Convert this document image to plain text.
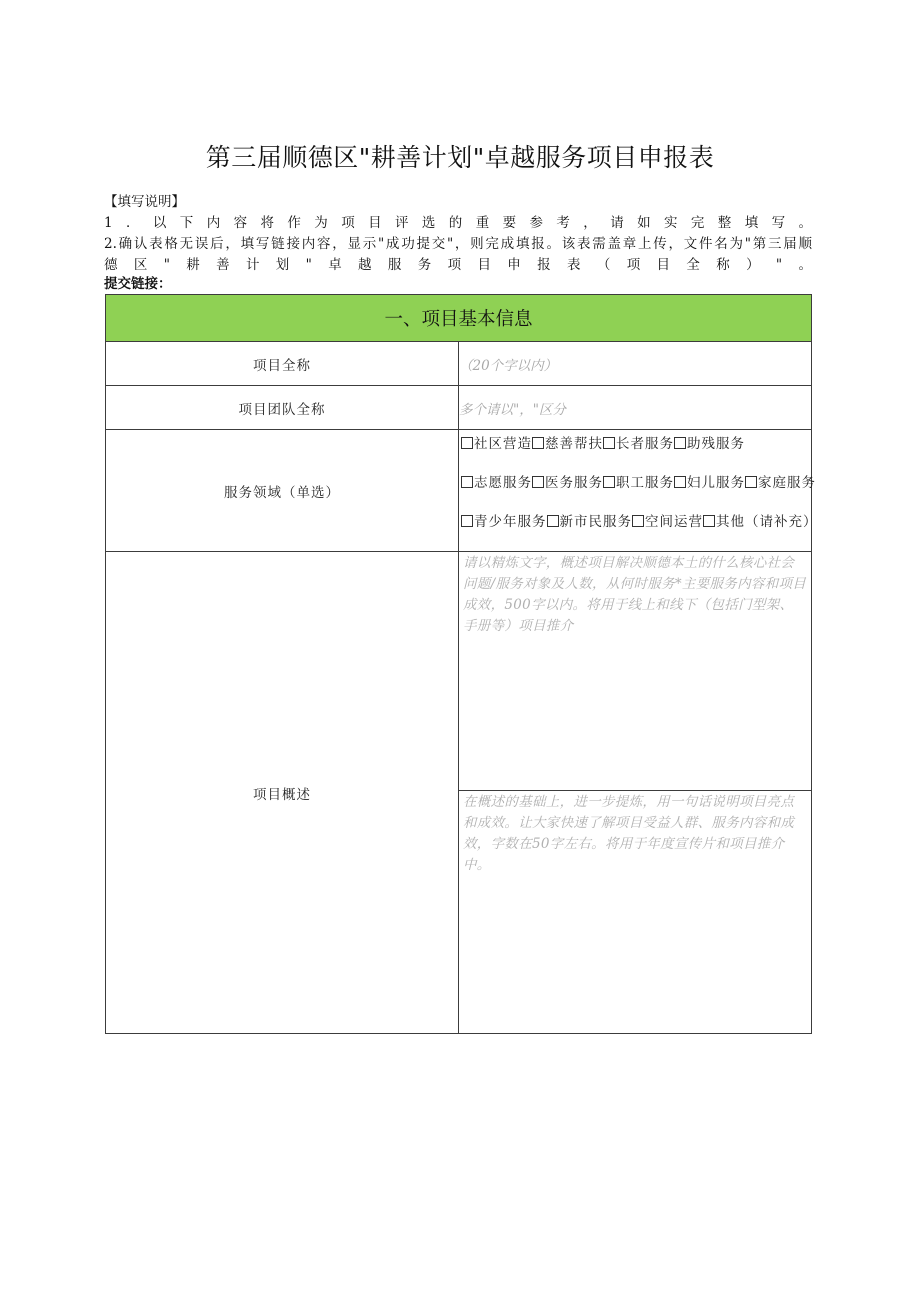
第三届顺德区"耕善计划"卓越服务项目申报表
【填写说明】
1．以下内容将作为项目评选的重要参考，请如实完整填写。
2.确认表格无误后，填写链接内容，显示"成功提交"，则完成填报。该表需盖章上传，文件名为"第三届顺
德区"耕善计划"卓越服务项目申报表（项目全称）"。
提交链接：
一、项目基本信息	
项目全称	（20个字以内）
项目团队全称	多个请以"，"区分
服务领域（单选）	社区营造 慈善帮扶 长者服务 助残服务
志愿服务 医务服务 职工服务 妇儿服务 家庭服务
青少年服务 新市民服务 空间运营 其他（请补充）

项目概述	请以精炼文字，概述项目解决顺德本土的什么核心社会问题/服务对象及人数，从何时服务*主要服务内容和项目成效，500字以内。将用于线上和线下（包括门型架、手册等）项目推介

	在概述的基础上，进一步提炼，用一句话说明项目亮点和成效。让大家快速了解项目受益人群、服务内容和成效，字数在50字左右。将用于年度宣传片和项目推介中。
